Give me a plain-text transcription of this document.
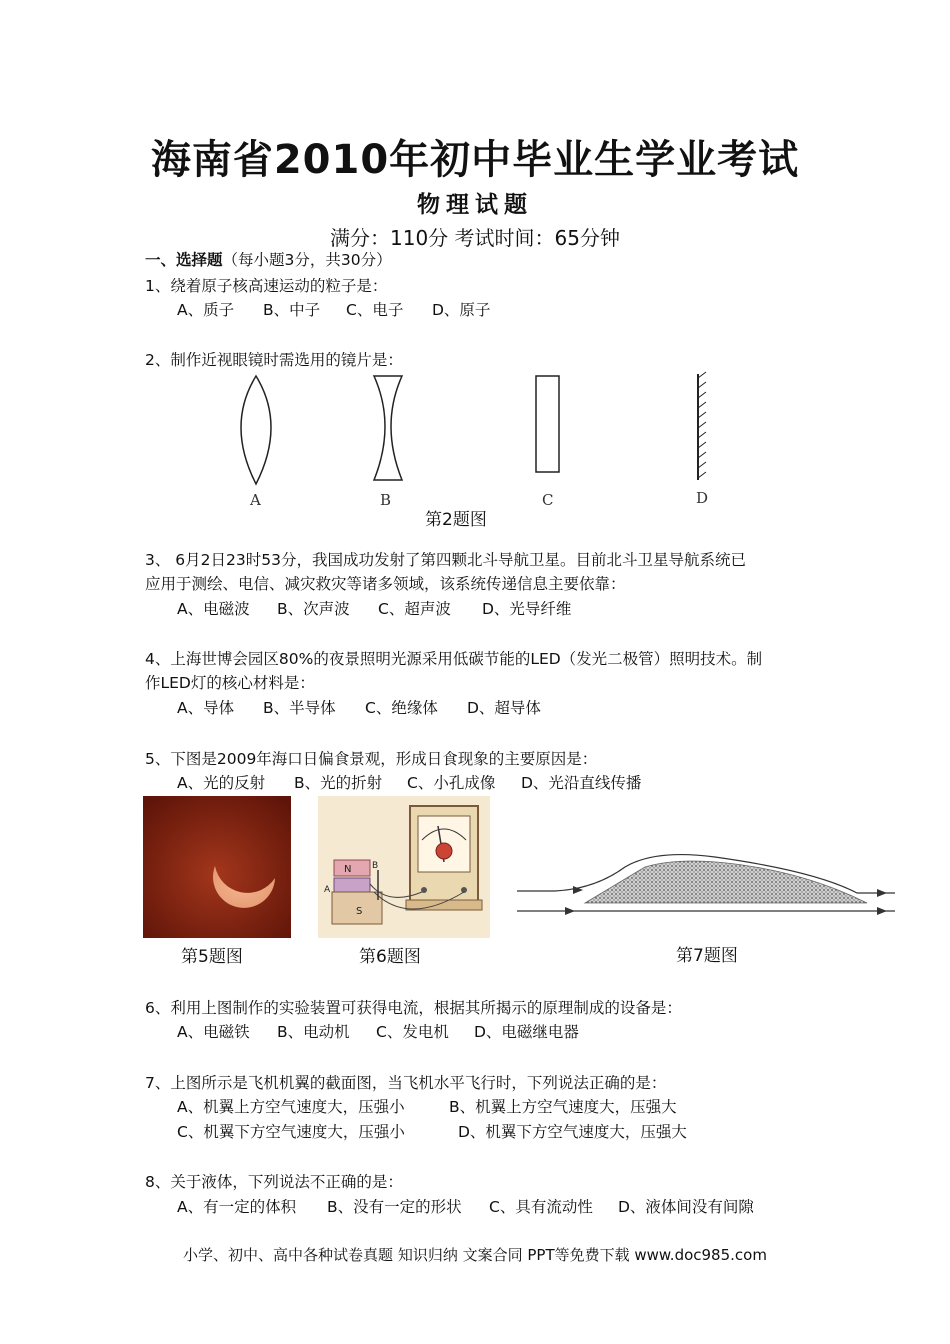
海南省2010年初中毕业生学业考试
物理试题
满分：110分 考试时间：65分钟
一、选择题（每小题3分，共30分）
1、绕着原子核高速运动的粒子是：
A、质子 B、中子 C、电子 D、原子
2、制作近视眼镜时需选用的镜片是：
A	B	C	D
第2题图
3、 6月2日23时53分，我国成功发射了第四颗北斗导航卫星。目前北斗卫星导航系统已
应用于测绘、电信、减灾救灾等诸多领域，该系统传递信息主要依靠：
A、电磁波 B、次声波 C、超声波 D、光导纤维
4、上海世博会园区80%的夜景照明光源采用低碳节能的LED（发光二极管）照明技术。制
作LED灯的核心材料是：
A、导体 B、半导体 C、绝缘体 D、超导体
5、下图是2009年海口日偏食景观，形成日食现象的主要原因是：
A、光的反射 B、光的折射 C、小孔成像 D、光沿直线传播
第5题图
N
S
A
B
第6题图	第7题图
6、利用上图制作的实验装置可获得电流，根据其所揭示的原理制成的设备是：
A、电磁铁 B、电动机 C、发电机 D、电磁继电器
7、上图所示是飞机机翼的截面图，当飞机水平飞行时，下列说法正确的是：
A、机翼上方空气速度大，压强小	B、机翼上方空气速度大，压强大
C、机翼下方空气速度大，压强小	D、机翼下方空气速度大，压强大
8、关于液体，下列说法不正确的是：
A、有一定的体积 B、没有一定的形状 C、具有流动性 D、液体间没有间隙
小学、初中、高中各种试卷真题 知识归纳 文案合同 PPT等免费下载 www.doc985.com
